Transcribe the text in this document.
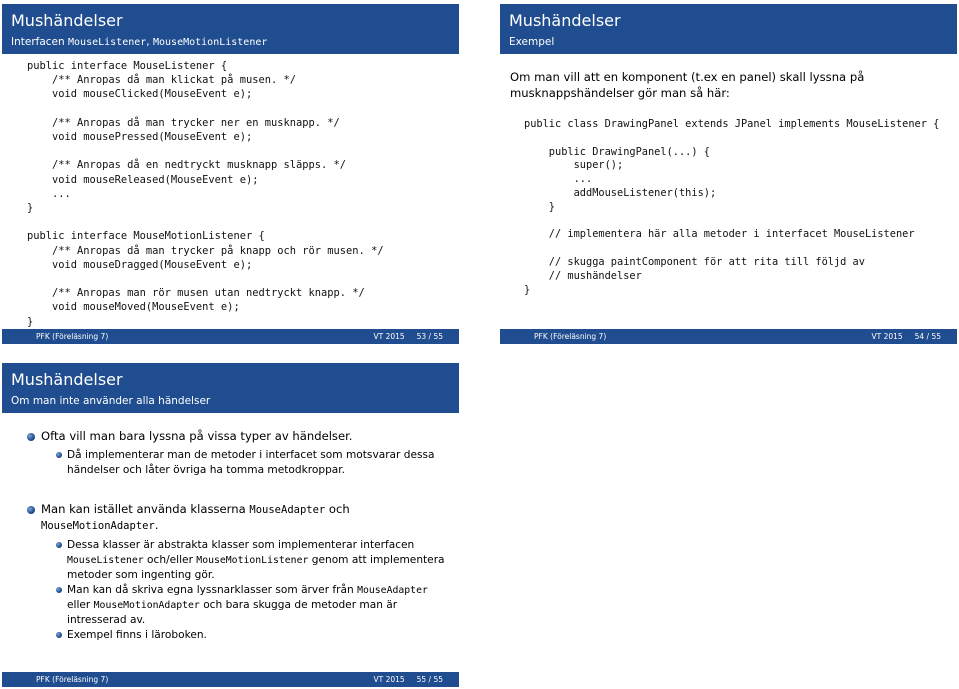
Mushändelser
Interfacen MouseListener, MouseMotionListener
public interface MouseListener {
/** Anropas då man klickat på musen. */
void mouseClicked(MouseEvent e);

/** Anropas då man trycker ner en musknapp. */
void mousePressed(MouseEvent e);

/** Anropas då en nedtryckt musknapp släpps. */
void mouseReleased(MouseEvent e);
...
}

public interface MouseMotionListener {
/** Anropas då man trycker på knapp och rör musen. */
void mouseDragged(MouseEvent e);

/** Anropas man rör musen utan nedtryckt knapp. */
void mouseMoved(MouseEvent e);
}
PFK (Föreläsning 7)	VT 2015     53 / 55
Mushändelser
Exempel
Om man vill att en komponent (t.ex en panel) skall lyssna på musknappshändelser gör man så här:
public class DrawingPanel extends JPanel implements MouseListener {

public DrawingPanel(...) {
super();
...
addMouseListener(this);
}

// implementera här alla metoder i interfacet MouseListener

// skugga paintComponent för att rita till följd av
// mushändelser
}
PFK (Föreläsning 7)	VT 2015     54 / 55
Mushändelser
Om man inte använder alla händelser
Ofta vill man bara lyssna på vissa typer av händelser.
Då implementerar man de metoder i interfacet som motsvarar dessa händelser och låter övriga ha tomma metodkroppar.
Man kan istället använda klasserna MouseAdapter och MouseMotionAdapter.
Dessa klasser är abstrakta klasser som implementerar interfacen MouseListener och/eller MouseMotionListener genom att implementera metoder som ingenting gör.
Man kan då skriva egna lyssnarklasser som ärver från MouseAdapter eller MouseMotionAdapter och bara skugga de metoder man är intresserad av.
Exempel finns i läroboken.
PFK (Föreläsning 7)	VT 2015     55 / 55
